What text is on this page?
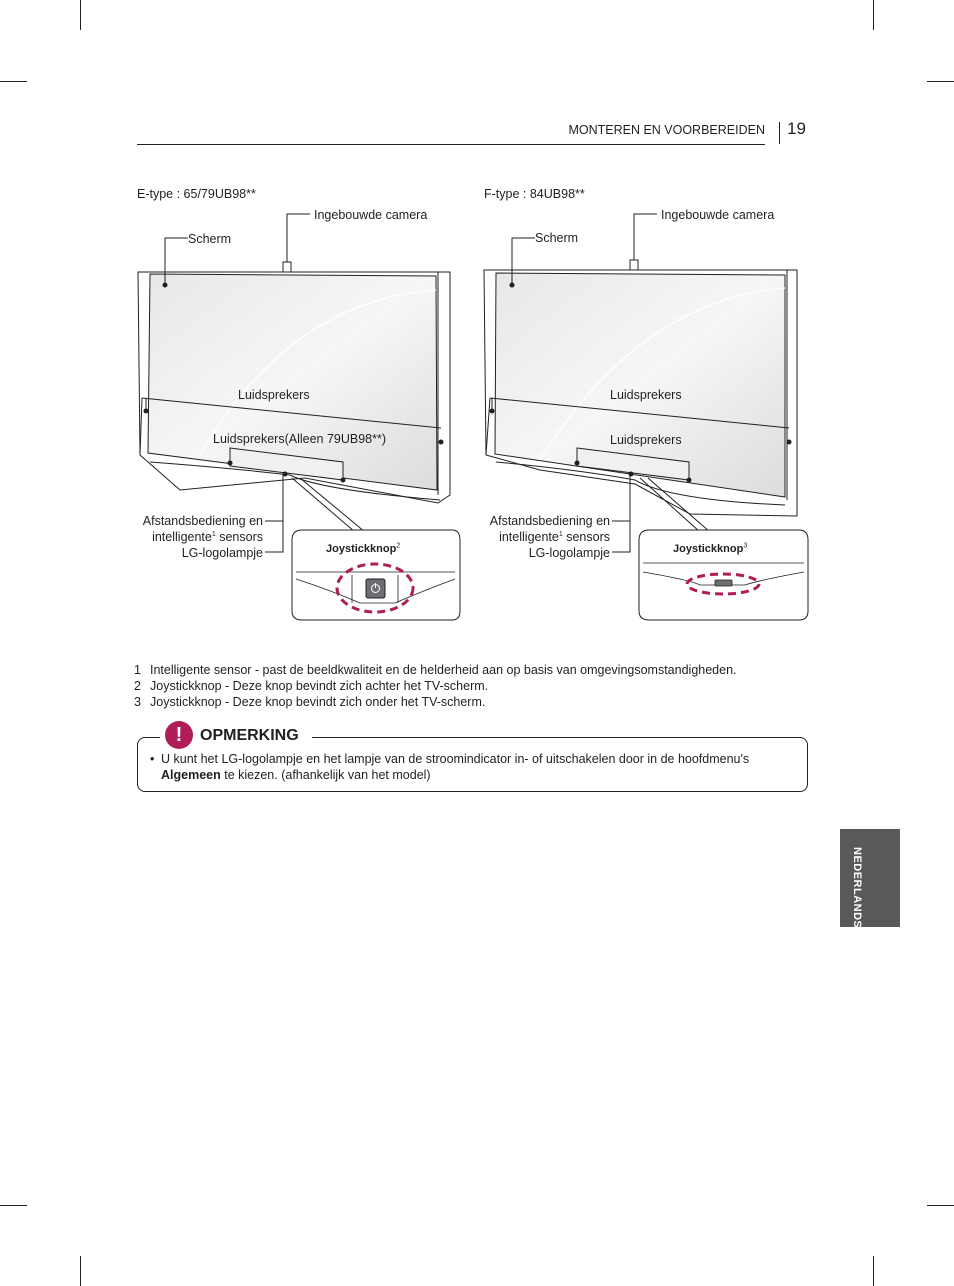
MONTEREN EN VOORBEREIDEN 19
E-type : 65/79UB98**
Ingebouwde camera
Scherm
Luidsprekers
Luidsprekers(Alleen 79UB98**)
Afstandsbediening en
intelligente$^1$ sensors
LG-logolampje	Joystickknop$^2$
F-type : 84UB98**
Ingebouwde camera
Scherm
Luidsprekers
Luidsprekers
Afstandsbediening en
intelligente$^1$ sensors
LG-logolampje	Joystickknop$^3$
1 Intelligente sensor - past de beeldkwaliteit en de helderheid aan op basis van omgevingsomstandigheden.
2 Joystickknop - Deze knop bevindt zich achter het TV-scherm.
3 Joystickknop - Deze knop bevindt zich onder het TV-scherm.
!	OPMERKING
• U kunt het LG-logolampje en het lampje van de stroomindicator in- of uitschakelen door in de hoofdmenu's Algemeen te kiezen. (afhankelijk van het model)
NEDERLANDS
